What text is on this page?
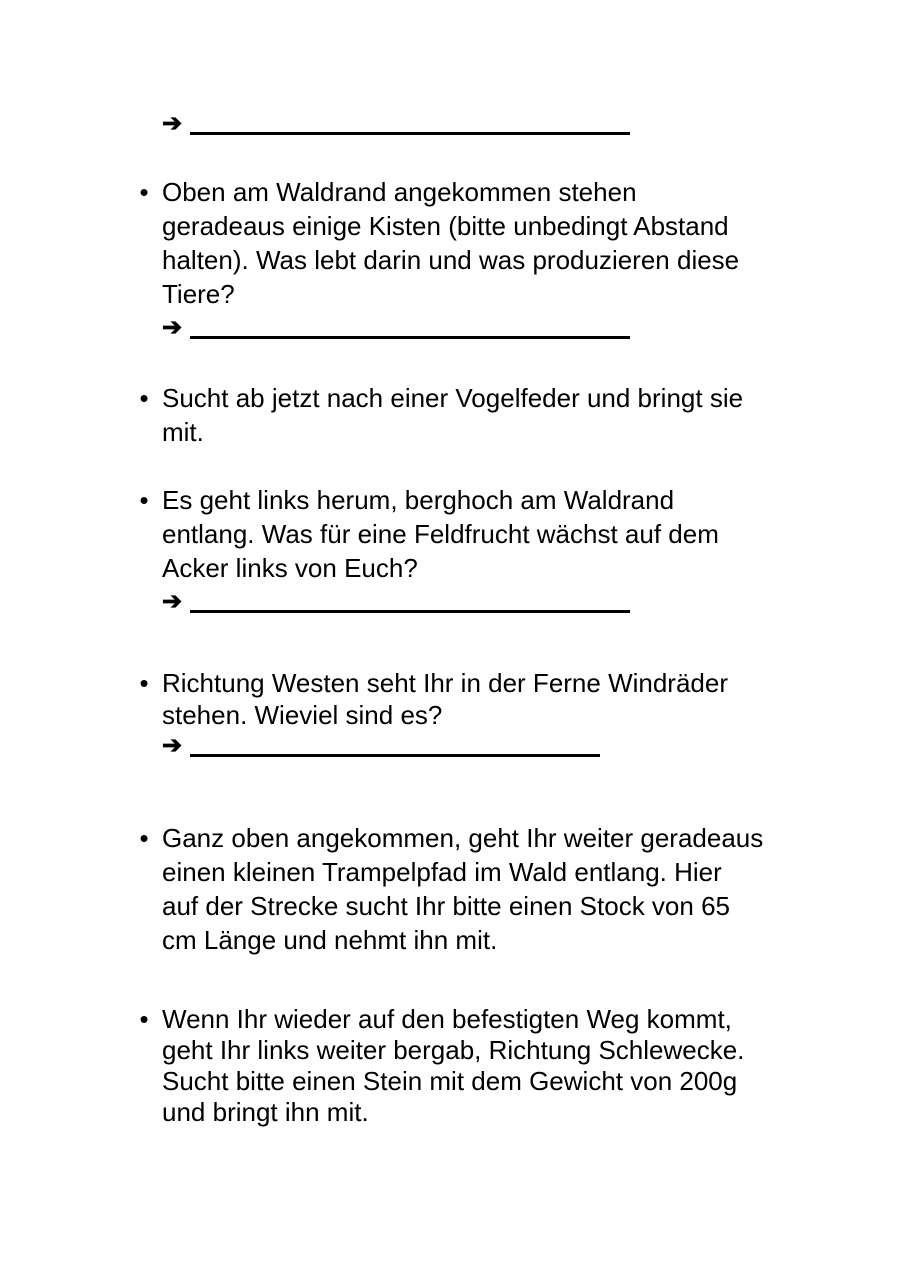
➔
• Oben am Waldrand angekommen stehen
geradeaus einige Kisten (bitte unbedingt Abstand
halten). Was lebt darin und was produzieren diese
Tiere?
➔
• Sucht ab jetzt nach einer Vogelfeder und bringt sie
mit.
• Es geht links herum, berghoch am Waldrand
entlang. Was für eine Feldfrucht wächst auf dem
Acker links von Euch?
➔
• Richtung Westen seht Ihr in der Ferne Windräder
stehen. Wieviel sind es?
➔
• Ganz oben angekommen, geht Ihr weiter geradeaus
einen kleinen Trampelpfad im Wald entlang. Hier
auf der Strecke sucht Ihr bitte einen Stock von 65
cm Länge und nehmt ihn mit.
• Wenn Ihr wieder auf den befestigten Weg kommt,
geht Ihr links weiter bergab, Richtung Schlewecke.
Sucht bitte einen Stein mit dem Gewicht von 200g
und bringt ihn mit.
